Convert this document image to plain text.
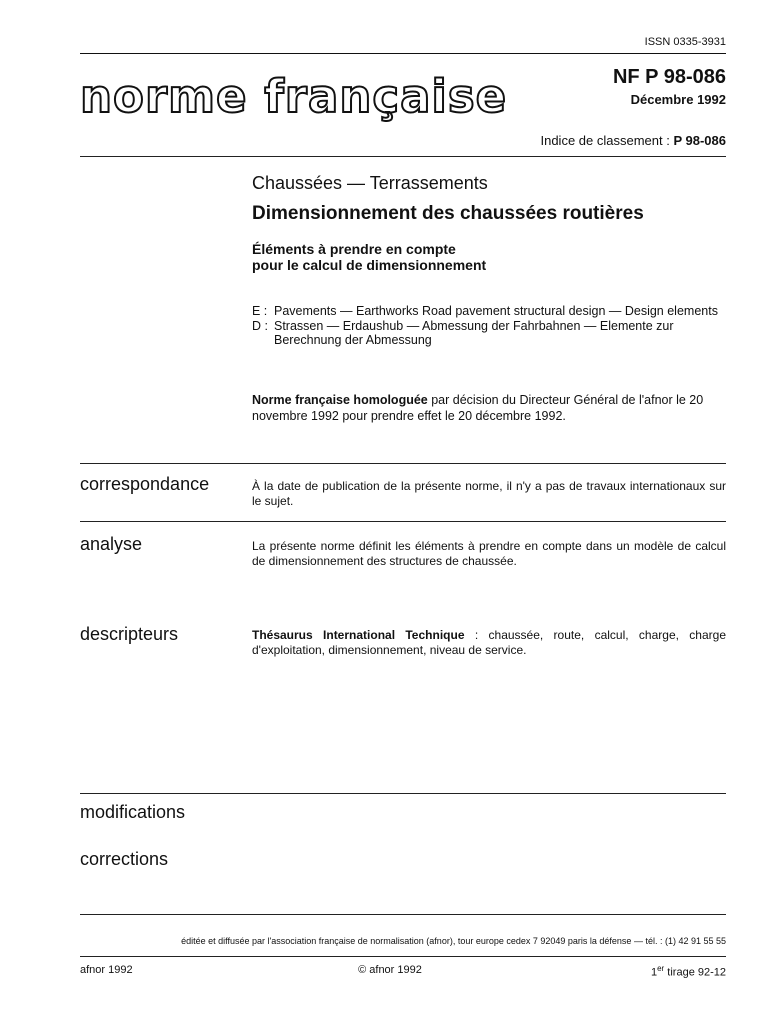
ISSN 0335-3931
norme française	NF P 98-086
Décembre 1992
Indice de classement : P 98-086
Chaussées — Terrassements
Dimensionnement des chaussées routières
Éléments à prendre en compte
pour le calcul de dimensionnement
E : Pavements — Earthworks Road pavement structural design — Design elements
D : Strassen — Erdaushub — Abmessung der Fahrbahnen — Elemente zur Berechnung der Abmessung
Norme française homologuée par décision du Directeur Général de l'afnor le 20 novembre 1992 pour prendre effet le 20 décembre 1992.
correspondance	À la date de publication de la présente norme, il n'y a pas de travaux internationaux sur le sujet.
analyse	La présente norme définit les éléments à prendre en compte dans un modèle de calcul de dimensionnement des structures de chaussée.
descripteurs	Thésaurus International Technique : chaussée, route, calcul, charge, charge d'exploitation, dimensionnement, niveau de service.
modifications
corrections
éditée et diffusée par l'association française de normalisation (afnor), tour europe cedex 7 92049 paris la défense — tél. : (1) 42 91 55 55
afnor 1992	© afnor 1992	1er tirage 92-12
